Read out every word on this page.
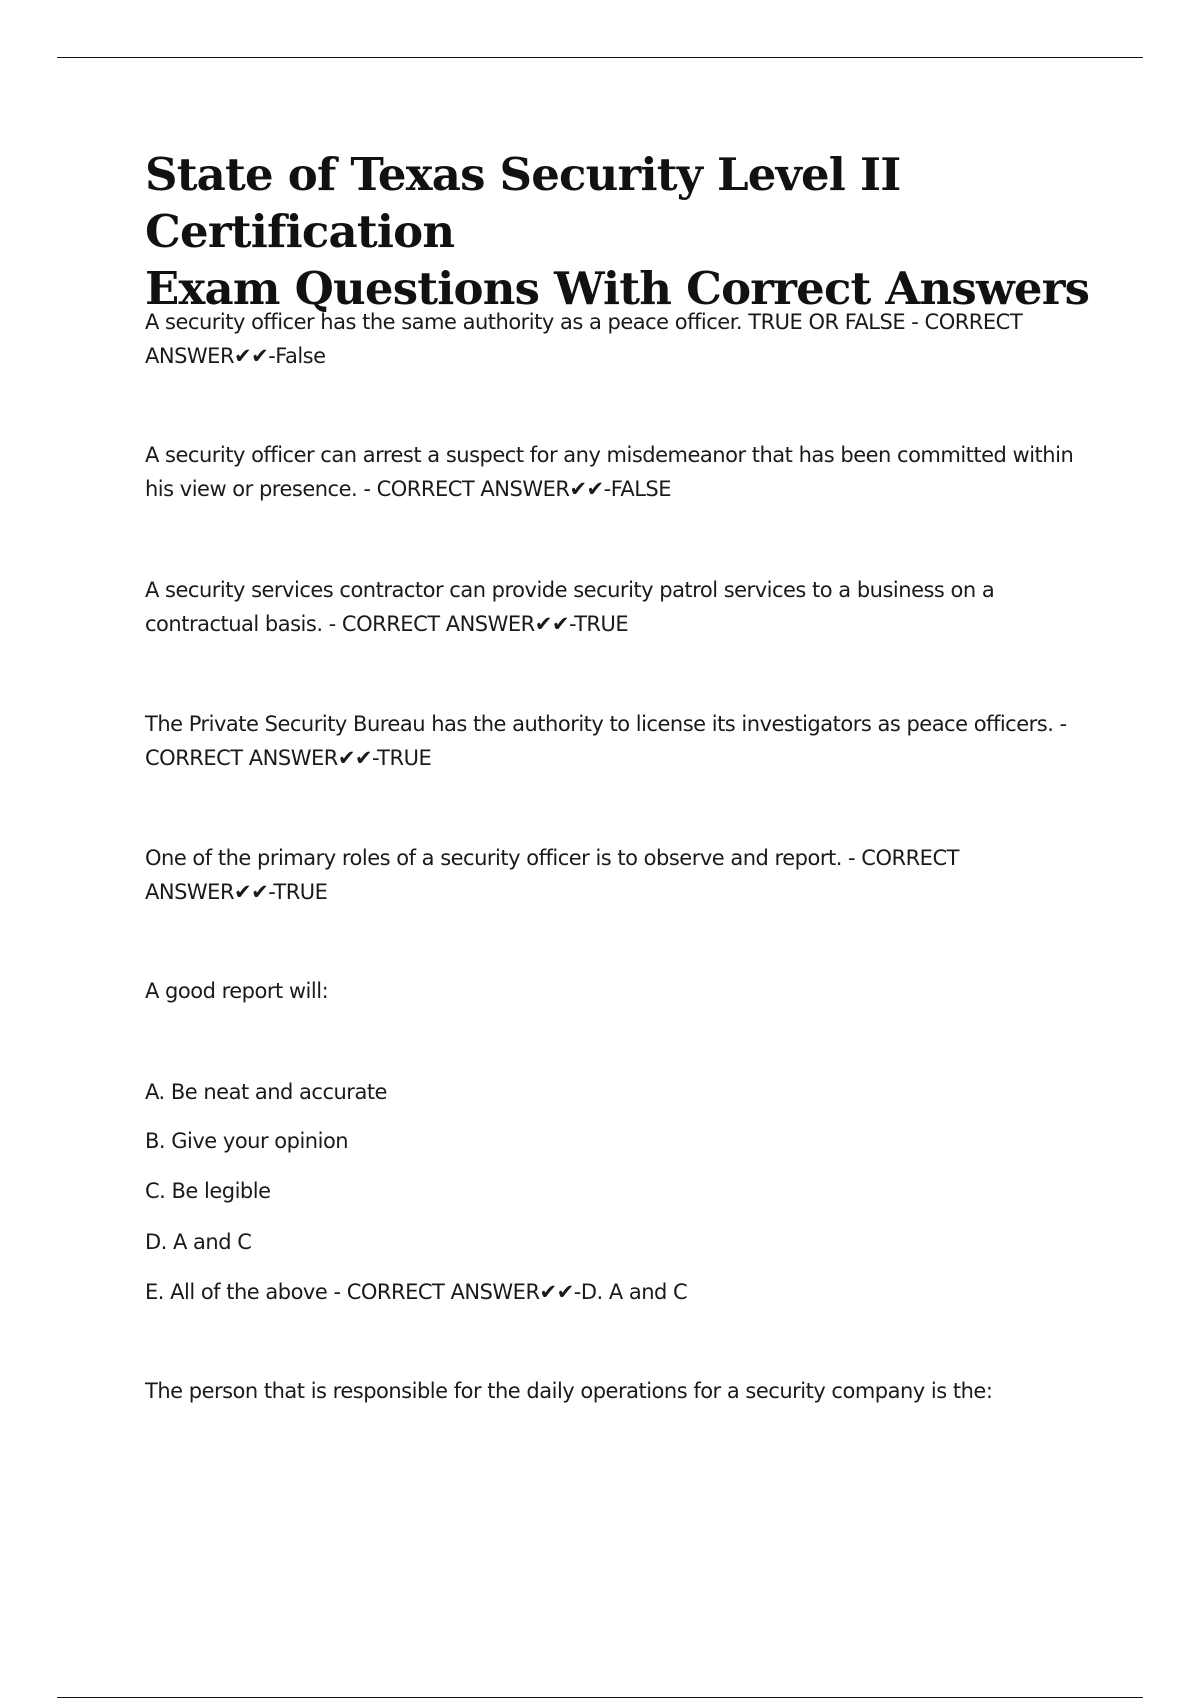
State of Texas Security Level II Certification
Exam Questions With Correct Answers

A security officer has the same authority as a peace officer. TRUE OR FALSE - CORRECT
ANSWER✔✔-False

A security officer can arrest a suspect for any misdemeanor that has been committed within
his view or presence. - CORRECT ANSWER✔✔-FALSE

A security services contractor can provide security patrol services to a business on a
contractual basis. - CORRECT ANSWER✔✔-TRUE

The Private Security Bureau has the authority to license its investigators as peace officers. -
CORRECT ANSWER✔✔-TRUE

One of the primary roles of a security officer is to observe and report. - CORRECT
ANSWER✔✔-TRUE

A good report will:

A. Be neat and accurate

B. Give your opinion

C. Be legible

D. A and C

E. All of the above - CORRECT ANSWER✔✔-D. A and C

The person that is responsible for the daily operations for a security company is the:
